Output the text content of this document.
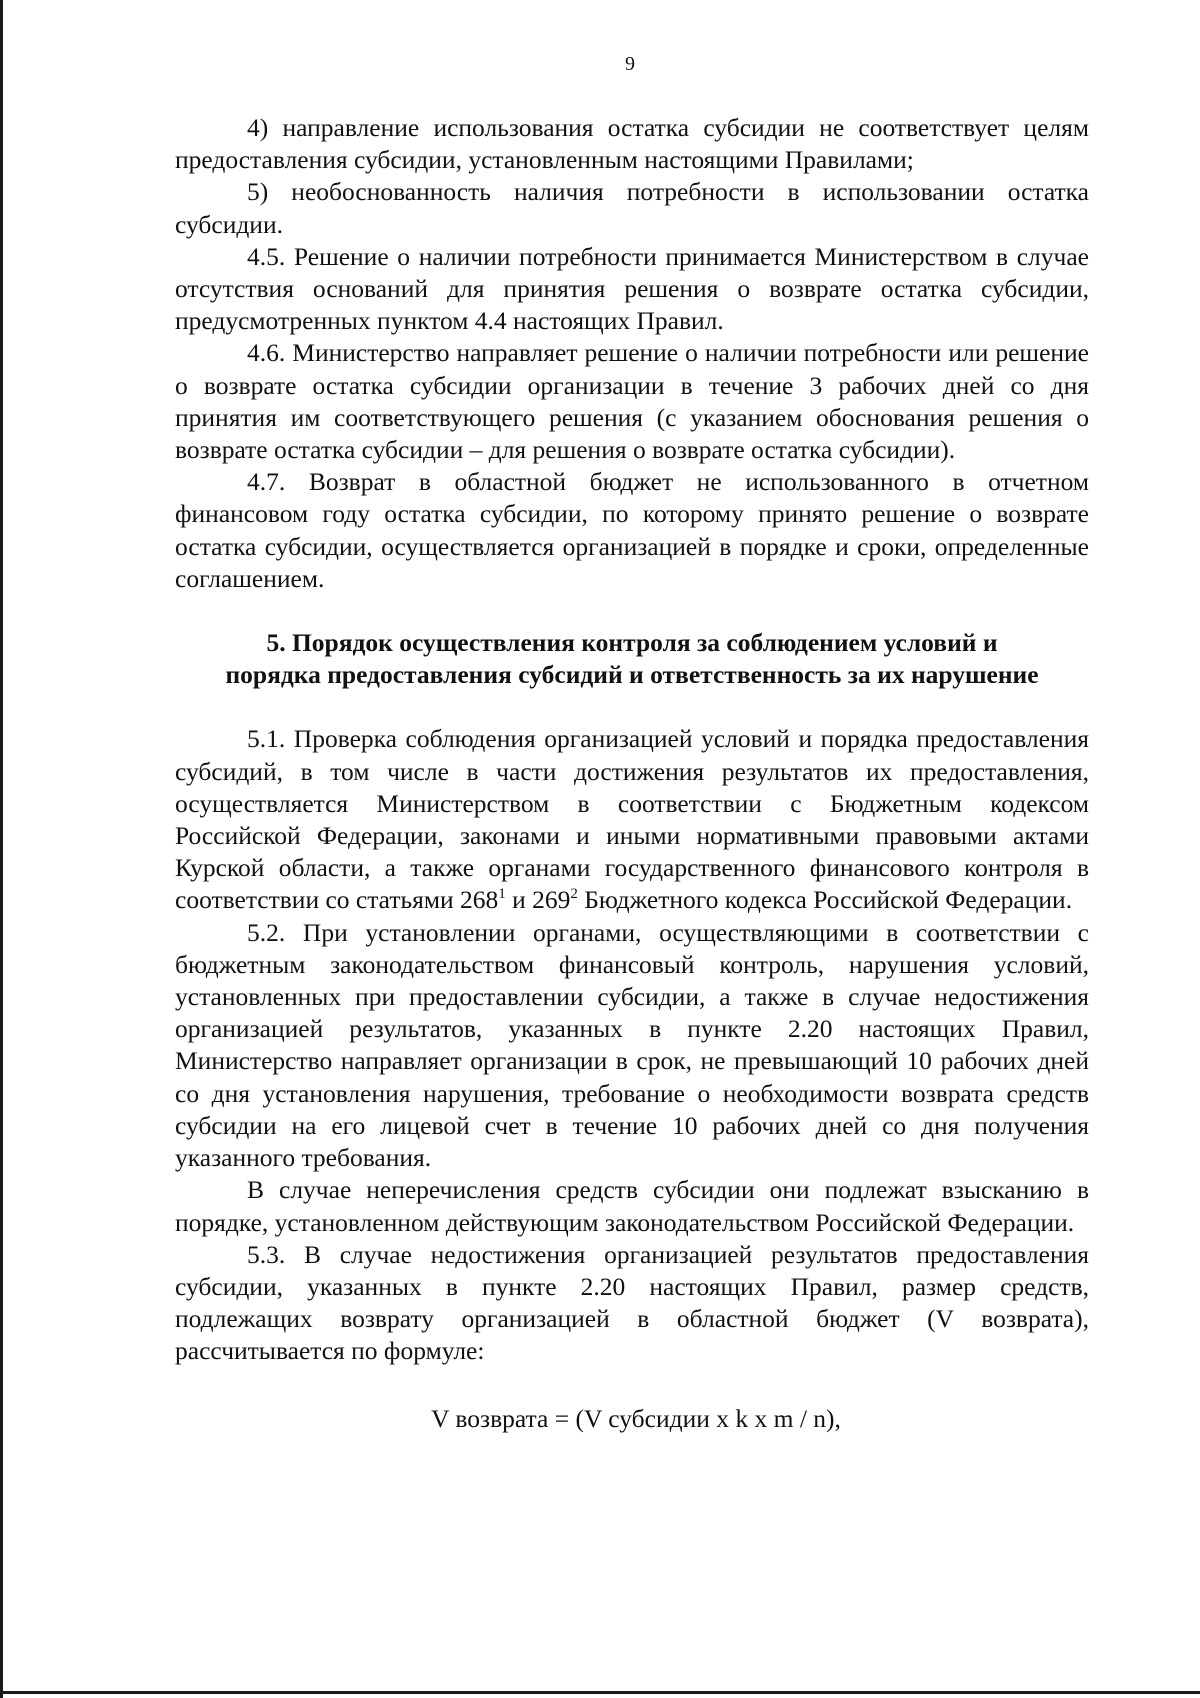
9

4) направление использования остатка субсидии не соответствует целям предоставления субсидии, установленным настоящими Правилами;

5) необоснованность наличия потребности в использовании остатка субсидии.

4.5. Решение о наличии потребности принимается Министерством в случае отсутствия оснований для принятия решения о возврате остатка субсидии, предусмотренных пунктом 4.4 настоящих Правил.

4.6. Министерство направляет решение о наличии потребности или решение о возврате остатка субсидии организации в течение 3 рабочих дней со дня принятия им соответствующего решения (с указанием обоснования решения о возврате остатка субсидии – для решения о возврате остатка субсидии).

4.7. Возврат в областной бюджет не использованного в отчетном финансовом году остатка субсидии, по которому принято решение о возврате остатка субсидии, осуществляется организацией в порядке и сроки, определенные соглашением.

5. Порядок осуществления контроля за соблюдением условий и
порядка предоставления субсидий и ответственность за их нарушение

5.1. Проверка соблюдения организацией условий и порядка предоставления субсидий, в том числе в части достижения результатов их предоставления, осуществляется Министерством в соответствии с Бюджетным кодексом Российской Федерации, законами и иными нормативными правовыми актами Курской области, а также органами государственного финансового контроля в соответствии со статьями $268^1$ и $269^2$ Бюджетного кодекса Российской Федерации.

5.2. При установлении органами, осуществляющими в соответствии с бюджетным законодательством финансовый контроль, нарушения условий, установленных при предоставлении субсидии, а также в случае недостижения организацией результатов, указанных в пункте 2.20 настоящих Правил, Министерство направляет организации в срок, не превышающий 10 рабочих дней со дня установления нарушения, требование о необходимости возврата средств субсидии на его лицевой счет в течение 10 рабочих дней со дня получения указанного требования.

В случае неперечисления средств субсидии они подлежат взысканию в порядке, установленном действующим законодательством Российской Федерации.

5.3. В случае недостижения организацией результатов предоставления субсидии, указанных в пункте 2.20 настоящих Правил, размер средств, подлежащих возврату организацией в областной бюджет (V возврата), рассчитывается по формуле:

V возврата = (V субсидии х k х m / n),
